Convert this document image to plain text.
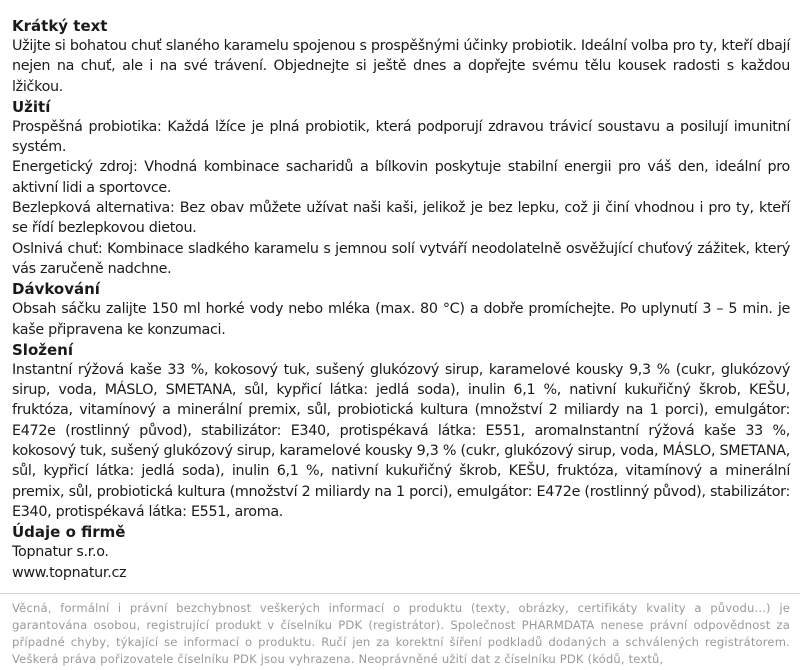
Krátký text

Užijte si bohatou chuť slaného karamelu spojenou s prospěšnými účinky probiotik. Ideální volba pro ty, kteří dbají nejen na chuť, ale i na své trávení. Objednejte si ještě dnes a dopřejte svému tělu kousek radosti s každou lžičkou.

Užití

Prospěšná probiotika: Každá lžíce je plná probiotik, která podporují zdravou trávicí soustavu a posilují imunitní systém.

Energetický zdroj: Vhodná kombinace sacharidů a bílkovin poskytuje stabilní energii pro váš den, ideální pro aktivní lidi a sportovce.

Bezlepková alternativa: Bez obav můžete užívat naši kaši, jelikož je bez lepku, což ji činí vhodnou i pro ty, kteří se řídí bezlepkovou dietou.

Oslnivá chuť: Kombinace sladkého karamelu s jemnou solí vytváří neodolatelně osvěžující chuťový zážitek, který vás zaručeně nadchne.

Dávkování

Obsah sáčku zalijte 150 ml horké vody nebo mléka (max. 80 °C) a dobře promíchejte. Po uplynutí 3 – 5 min. je kaše připravena ke konzumaci.

Složení

Instantní rýžová kaše 33 %, kokosový tuk, sušený glukózový sirup, karamelové kousky 9,3 % (cukr, glukózový sirup, voda, MÁSLO, SMETANA, sůl, kypřicí látka: jedlá soda), inulin 6,1 %, nativní kukuřičný škrob, KEŠU, fruktóza, vitamínový a minerální premix, sůl, probiotická kultura (množství 2 miliardy na 1 porci), emulgátor: E472e (rostlinný původ), stabilizátor: E340, protispékavá látka: E551, aromaInstantní rýžová kaše 33 %, kokosový tuk, sušený glukózový sirup, karamelové kousky 9,3 % (cukr, glukózový sirup, voda, MÁSLO, SMETANA, sůl, kypřicí látka: jedlá soda), inulin 6,1 %, nativní kukuřičný škrob, KEŠU, fruktóza, vitamínový a minerální premix, sůl, probiotická kultura (množství 2 miliardy na 1 porci), emulgátor: E472e (rostlinný původ), stabilizátor: E340, protispékavá látka: E551, aroma.

Údaje o firmě

Topnatur s.r.o.

www.topnatur.cz

Věcná, formální i právní bezchybnost veškerých informací o produktu (texty, obrázky, certifikáty kvality a původu...) je garantována osobou, registrující produkt v číselníku PDK (registrátor). Společnost PHARMDATA nenese právní odpovědnost za případné chyby, týkající se informací o produktu. Ručí jen za korektní šíření podkladů dodaných a schválených registrátorem. Veškerá práva pořizovatele číselníku PDK jsou vyhrazena. Neoprávněné užití dat z číselníku PDK (kódů, textů,
